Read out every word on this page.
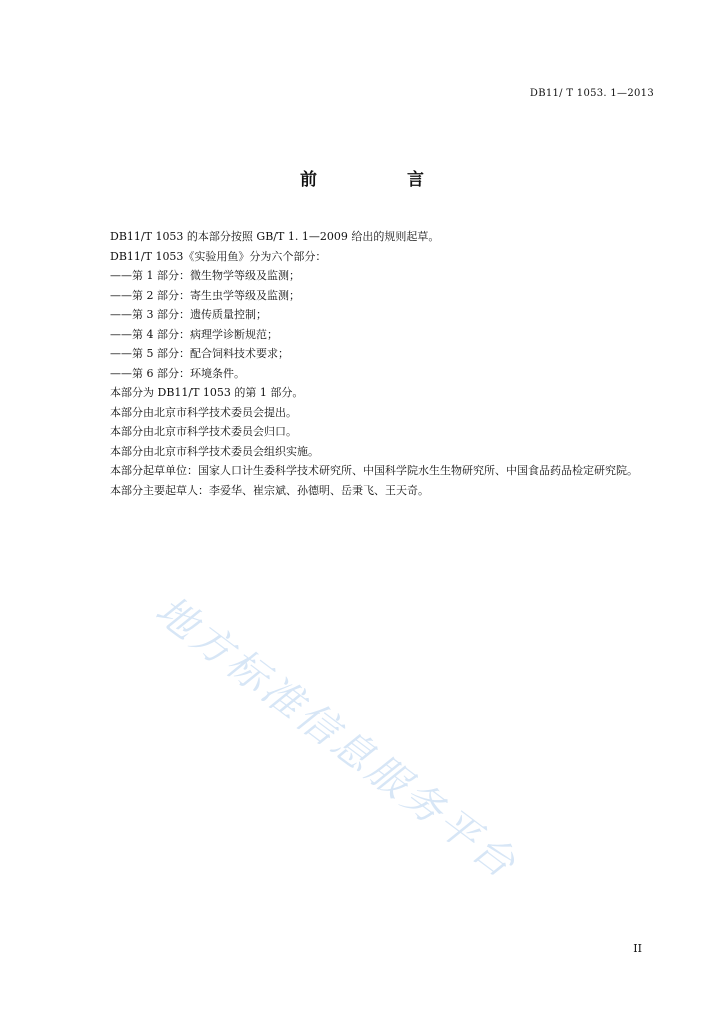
DB11/ T 1053. 1—2013
前 言

DB11/T 1053 的本部分按照 GB/T 1. 1—2009 给出的规则起草。

DB11/T 1053《实验用鱼》分为六个部分：

——第 1 部分：微生物学等级及监测；

——第 2 部分：寄生虫学等级及监测；

——第 3 部分：遗传质量控制；

——第 4 部分：病理学诊断规范；

——第 5 部分：配合饲料技术要求；

——第 6 部分：环境条件。

本部分为 DB11/T 1053 的第 1 部分。

本部分由北京市科学技术委员会提出。

本部分由北京市科学技术委员会归口。

本部分由北京市科学技术委员会组织实施。

本部分起草单位：国家人口计生委科学技术研究所、中国科学院水生生物研究所、中国食品药品检定研究院。

本部分主要起草人：李爱华、崔宗斌、孙德明、岳秉飞、王天奇。

地方标准信息服务平台
II
